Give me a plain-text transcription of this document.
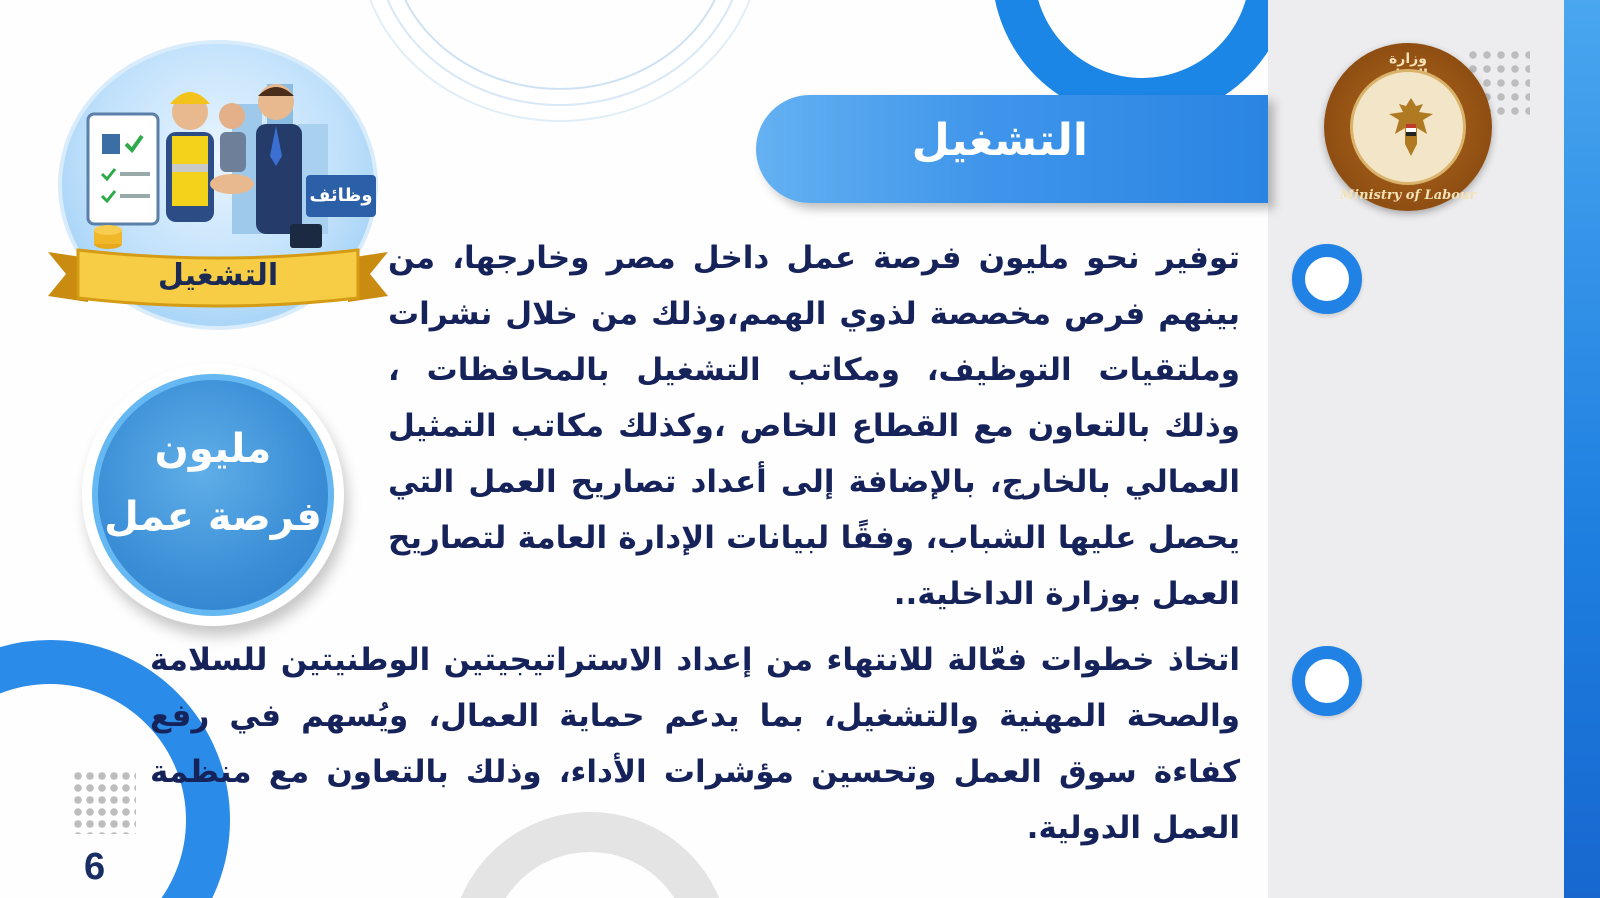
وزارة
Ministry of Labour
التشغيل
التشغيل
وظائف
مليون
فرصة عمل

توفير نحو مليون فرصة عمل داخل مصر وخارجها، من بينهم فرص مخصصة لذوي الهمم،وذلك من خلال نشرات وملتقيات التوظيف، ومكاتب التشغيل بالمحافظات ، وذلك بالتعاون مع القطاع الخاص ،وكذلك مكاتب التمثيل العمالي بالخارج، بالإضافة إلى أعداد تصاريح العمل التي يحصل عليها الشباب، وفقًا لبيانات الإدارة العامة لتصاريح العمل بوزارة الداخلية..

اتخاذ خطوات فعّالة للانتهاء من إعداد الاستراتيجيتين الوطنيتين للسلامة والصحة المهنية والتشغيل، بما يدعم حماية العمال، ويُسهم في رفع كفاءة سوق العمل وتحسين مؤشرات الأداء، وذلك بالتعاون مع منظمة العمل الدولية.

6
